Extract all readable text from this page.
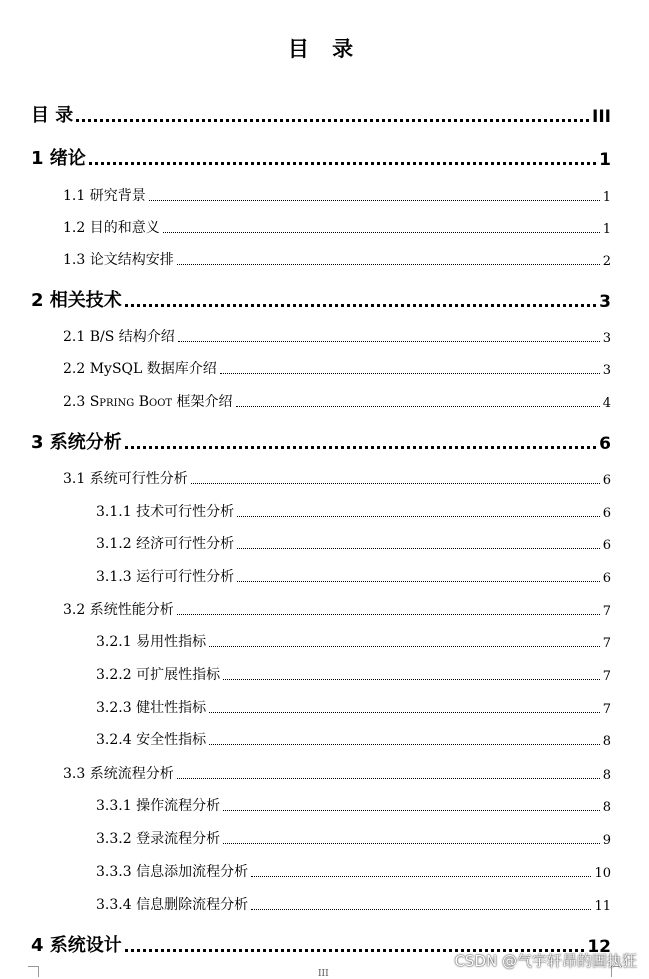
目 录
目 录	III
1 绪论	1
1.1 研究背景	1
1.2 目的和意义	1
1.3 论文结构安排	2
2 相关技术	3
2.1 B/S 结构介绍	3
2.2 MySQL 数据库介绍	3
2.3 Spring Boot 框架介绍	4
3 系统分析	6
3.1 系统可行性分析	6
3.1.1 技术可行性分析	6
3.1.2 经济可行性分析	6
3.1.3 运行可行性分析	6
3.2 系统性能分析	7
3.2.1 易用性指标	7
3.2.2 可扩展性指标	7
3.2.3 健壮性指标	7
3.2.4 安全性指标	8
3.3 系统流程分析	8
3.3.1 操作流程分析	8
3.3.2 登录流程分析	9
3.3.3 信息添加流程分析	10
3.3.4 信息删除流程分析	11
4 系统设计	12
III
CSDN @气宇轩昂的固执狂
